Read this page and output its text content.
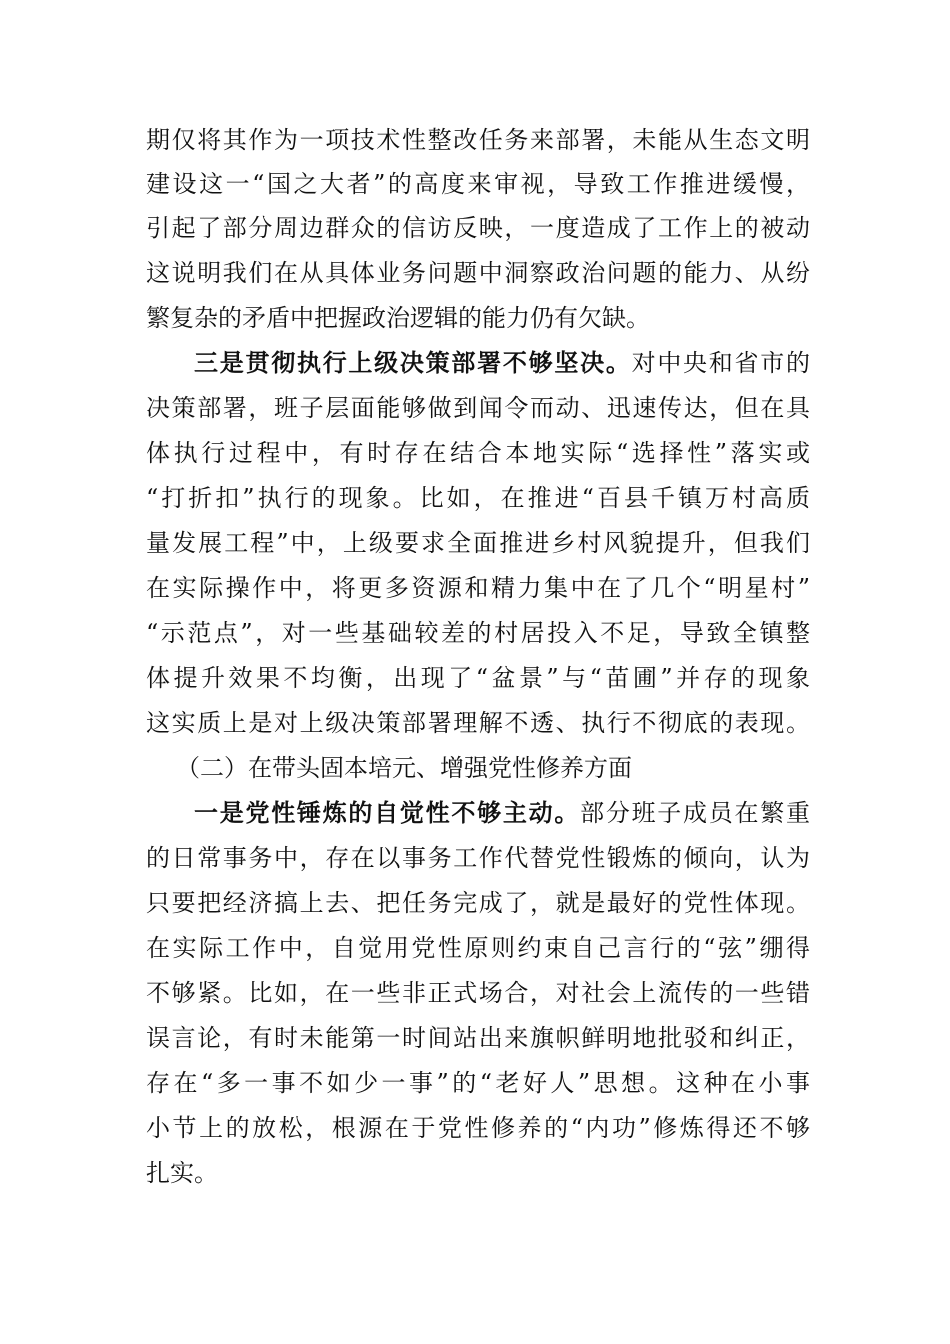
期仅将其作为一项技术性整改任务来部署，未能从生态文明
建设这一“国之大者”的高度来审视，导致工作推进缓慢，
引起了部分周边群众的信访反映，一度造成了工作上的被动
这说明我们在从具体业务问题中洞察政治问题的能力、从纷
繁复杂的矛盾中把握政治逻辑的能力仍有欠缺。
三是贯彻执行上级决策部署不够坚决。对中央和省市的
决策部署，班子层面能够做到闻令而动、迅速传达，但在具
体执行过程中，有时存在结合本地实际“选择性”落实或
“打折扣”执行的现象。比如，在推进“百县千镇万村高质
量发展工程”中，上级要求全面推进乡村风貌提升，但我们
在实际操作中，将更多资源和精力集中在了几个“明星村”
“示范点”，对一些基础较差的村居投入不足，导致全镇整
体提升效果不均衡，出现了“盆景”与“苗圃”并存的现象
这实质上是对上级决策部署理解不透、执行不彻底的表现。
（二）在带头固本培元、增强党性修养方面
一是党性锤炼的自觉性不够主动。部分班子成员在繁重
的日常事务中，存在以事务工作代替党性锻炼的倾向，认为
只要把经济搞上去、把任务完成了，就是最好的党性体现。
在实际工作中，自觉用党性原则约束自己言行的“弦”绷得
不够紧。比如，在一些非正式场合，对社会上流传的一些错
误言论，有时未能第一时间站出来旗帜鲜明地批驳和纠正，
存在“多一事不如少一事”的“老好人”思想。这种在小事
小节上的放松，根源在于党性修养的“内功”修炼得还不够
扎实。
